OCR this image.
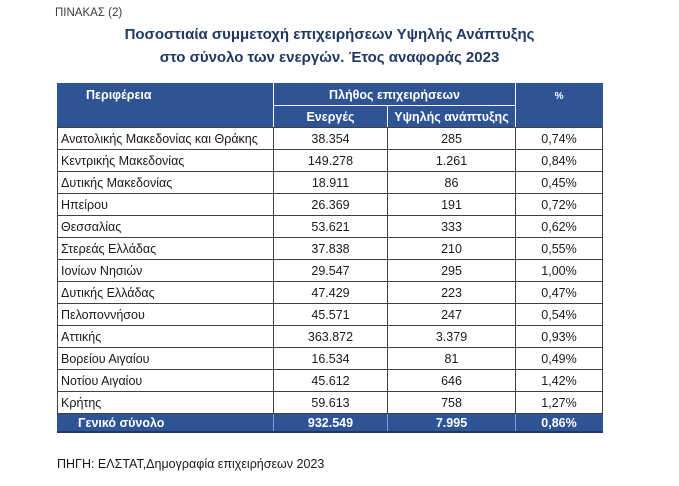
ΠΙΝΑΚΑΣ (2)
Ποσοστιαία συμμετοχή επιχειρήσεων Υψηλής Ανάπτυξης
στο σύνολο των ενεργών. Έτος αναφοράς 2023
Περιφέρεια	Πλήθος επιχειρήσεων		%
	Ενεργές	Υψηλής ανάπτυξης	
Ανατολικής Μακεδονίας και Θράκης	38.354	285	0,74%
Κεντρικής Μακεδονίας	149.278	1.261	0,84%
Δυτικής Μακεδονίας	18.911	86	0,45%
Ηπείρου	26.369	191	0,72%
Θεσσαλίας	53.621	333	0,62%
Στερεάς Ελλάδας	37.838	210	0,55%
Ιονίων Νησιών	29.547	295	1,00%
Δυτικής Ελλάδας	47.429	223	0,47%
Πελοποννήσου	45.571	247	0,54%
Αττικής	363.872	3.379	0,93%
Βορείου Αιγαίου	16.534	81	0,49%
Νοτίου Αιγαίου	45.612	646	1,42%
Κρήτης	59.613	758	1,27%
Γενικό σύνολο	932.549	7.995	0,86%
ΠΗΓΗ: ΕΛΣΤΑΤ,Δημογραφία επιχειρήσεων 2023
